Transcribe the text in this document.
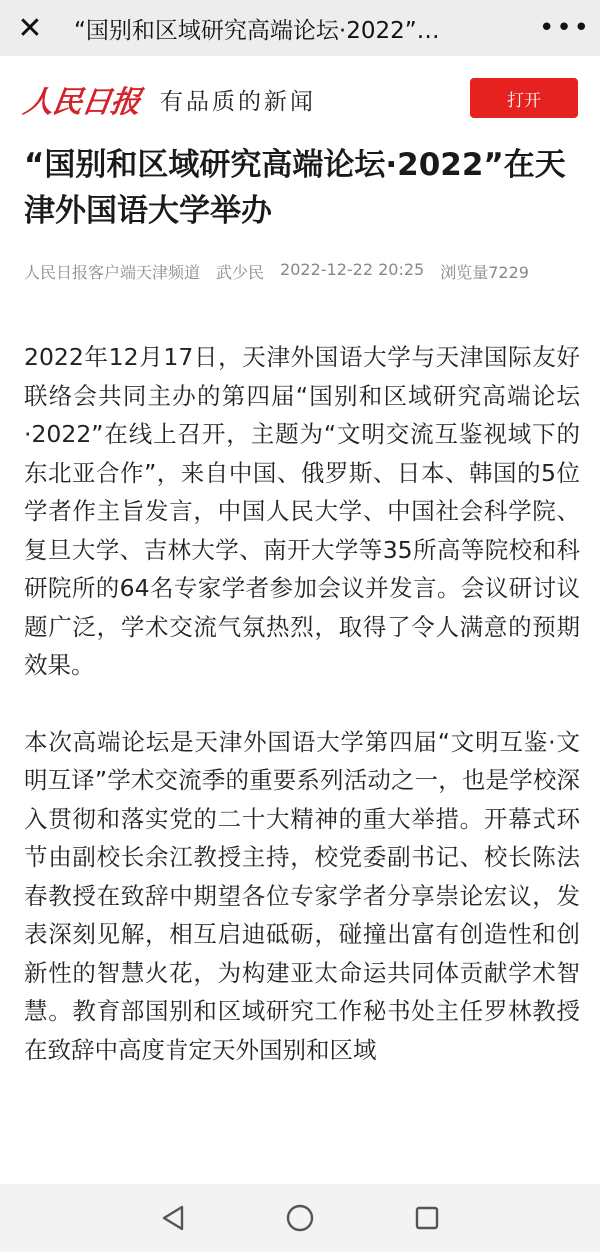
✕	“国别和区域研究高端论坛·2022”…	•••
人民日报 有品质的新闻	打开
“国别和区域研究高端论坛·2022”在天津外国语大学举办
人民日报客户端天津频道 武少民 2022-12-22 20:25 浏览量7229

2022年12月17日，天津外国语大学与天津国际友好联络会共同主办的第四届“国别和区域研究高端论坛·2022”在线上召开，主题为“文明交流互鉴视域下的东北亚合作”，来自中国、俄罗斯、日本、韩国的5位学者作主旨发言，中国人民大学、中国社会科学院、复旦大学、吉林大学、南开大学等35所高等院校和科研院所的64名专家学者参加会议并发言。会议研讨议题广泛，学术交流气氛热烈，取得了令人满意的预期效果。

本次高端论坛是天津外国语大学第四届“文明互鉴·文明互译”学术交流季的重要系列活动之一，也是学校深入贯彻和落实党的二十大精神的重大举措。开幕式环节由副校长余江教授主持，校党委副书记、校长陈法春教授在致辞中期望各位专家学者分享崇论宏议，发表深刻见解，相互启迪砥砺，碰撞出富有创造性和创新性的智慧火花，为构建亚太命运共同体贡献学术智慧。教育部国别和区域研究工作秘书处主任罗林教授在致辞中高度肯定天外国别和区域
